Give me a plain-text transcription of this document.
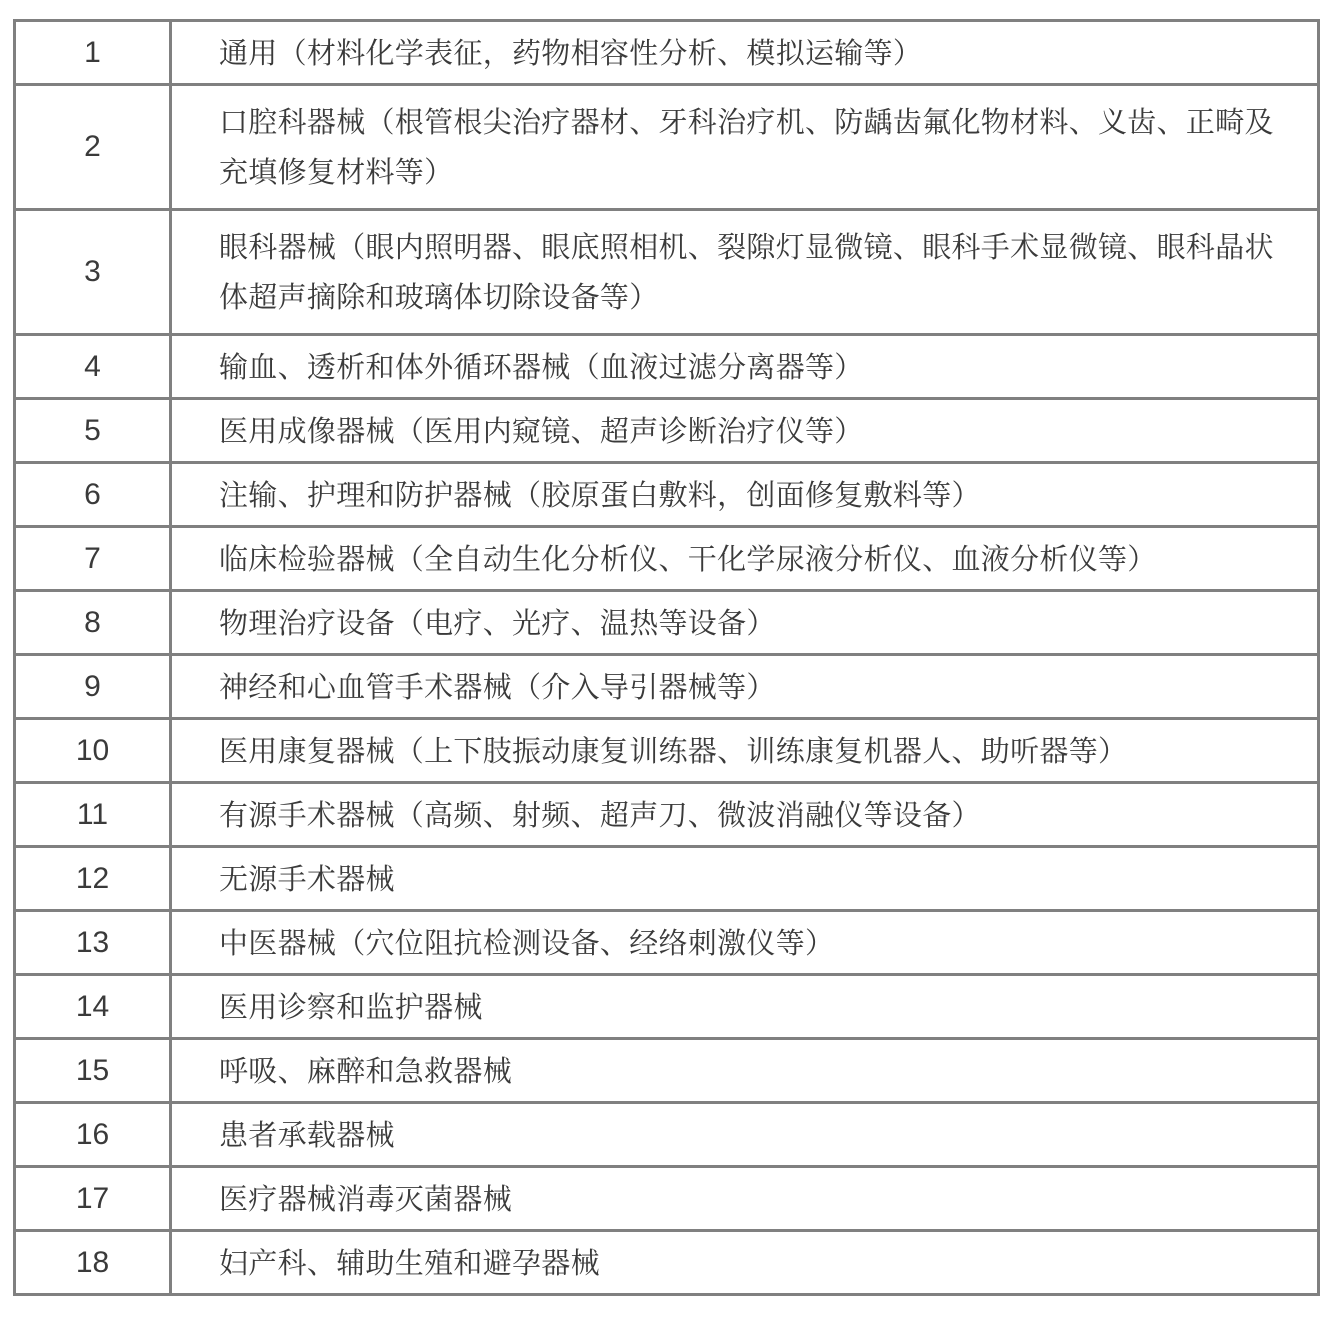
1	通用（材料化学表征，药物相容性分析、模拟运输等）
2	口腔科器械（根管根尖治疗器材、牙科治疗机、防龋齿氟化物材料、义齿、正畸及充填修复材料等）
3	眼科器械（眼内照明器、眼底照相机、裂隙灯显微镜、眼科手术显微镜、眼科晶状体超声摘除和玻璃体切除设备等）
4	输血、透析和体外循环器械（血液过滤分离器等）
5	医用成像器械（医用内窥镜、超声诊断治疗仪等）
6	注输、护理和防护器械（胶原蛋白敷料，创面修复敷料等）
7	临床检验器械（全自动生化分析仪、干化学尿液分析仪、血液分析仪等）
8	物理治疗设备（电疗、光疗、温热等设备）
9	神经和心血管手术器械（介入导引器械等）
10	医用康复器械（上下肢振动康复训练器、训练康复机器人、助听器等）
11	有源手术器械（高频、射频、超声刀、微波消融仪等设备）
12	无源手术器械
13	中医器械（穴位阻抗检测设备、经络刺激仪等）
14	医用诊察和监护器械
15	呼吸、麻醉和急救器械
16	患者承载器械
17	医疗器械消毒灭菌器械
18	妇产科、辅助生殖和避孕器械
